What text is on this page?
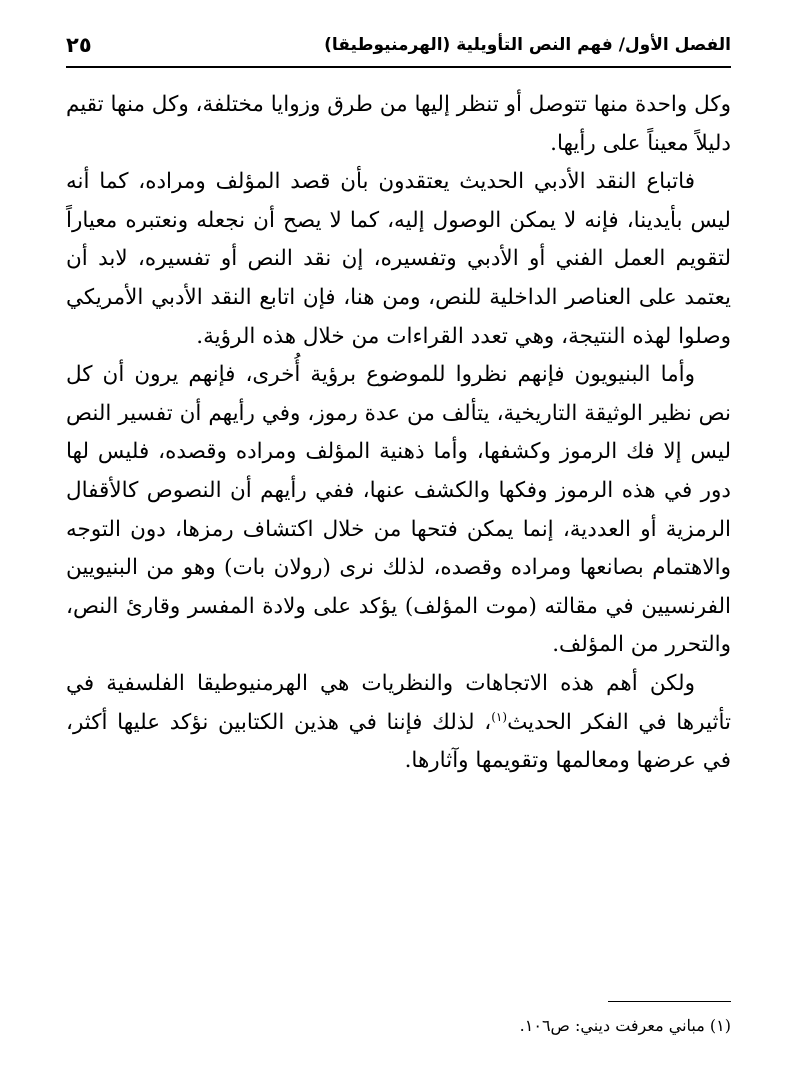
الفصل الأول/ فهم النص التأويلية (الهرمنيوطيقا)
٢٥

وكل واحدة منها تتوصل أو تنظر إليها من طرق وزوايا مختلفة، وكل منها تقيم دليلاً معيناً على رأيها.

فاتباع النقد الأدبي الحديث يعتقدون بأن قصد المؤلف ومراده، كما أنه ليس بأيدينا، فإنه لا يمكن الوصول إليه، كما لا يصح أن نجعله ونعتبره معياراً لتقويم العمل الفني أو الأدبي وتفسيره، إن نقد النص أو تفسيره، لابد أن يعتمد على العناصر الداخلية للنص، ومن هنا، فإن اتابع النقد الأدبي الأمريكي وصلوا لهذه النتيجة، وهي تعدد القراءات من خلال هذه الرؤية.

وأما البنيويون فإنهم نظروا للموضوع برؤية أُخرى، فإنهم يرون أن كل نص نظير الوثيقة التاريخية، يتألف من عدة رموز، وفي رأيهم أن تفسير النص ليس إلا فك الرموز وكشفها، وأما ذهنية المؤلف ومراده وقصده، فليس لها دور في هذه الرموز وفكها والكشف عنها، ففي رأيهم أن النصوص كالأقفال الرمزية أو العددية، إنما يمكن فتحها من خلال اكتشاف رمزها، دون التوجه والاهتمام بصانعها ومراده وقصده، لذلك نرى (رولان بات) وهو من البنيويين الفرنسيين في مقالته (موت المؤلف) يؤكد على ولادة المفسر وقارئ النص، والتحرر من المؤلف.

ولكن أهم هذه الاتجاهات والنظريات هي الهرمنيوطيقا الفلسفية في تأثيرها في الفكر الحديث$^{(١)}$، لذلك فإننا في هذين الكتابين نؤكد عليها أكثر، في عرضها ومعالمها وتقويمها وآثارها.

(١) مباني معرفت ديني: ص١٠٦.
